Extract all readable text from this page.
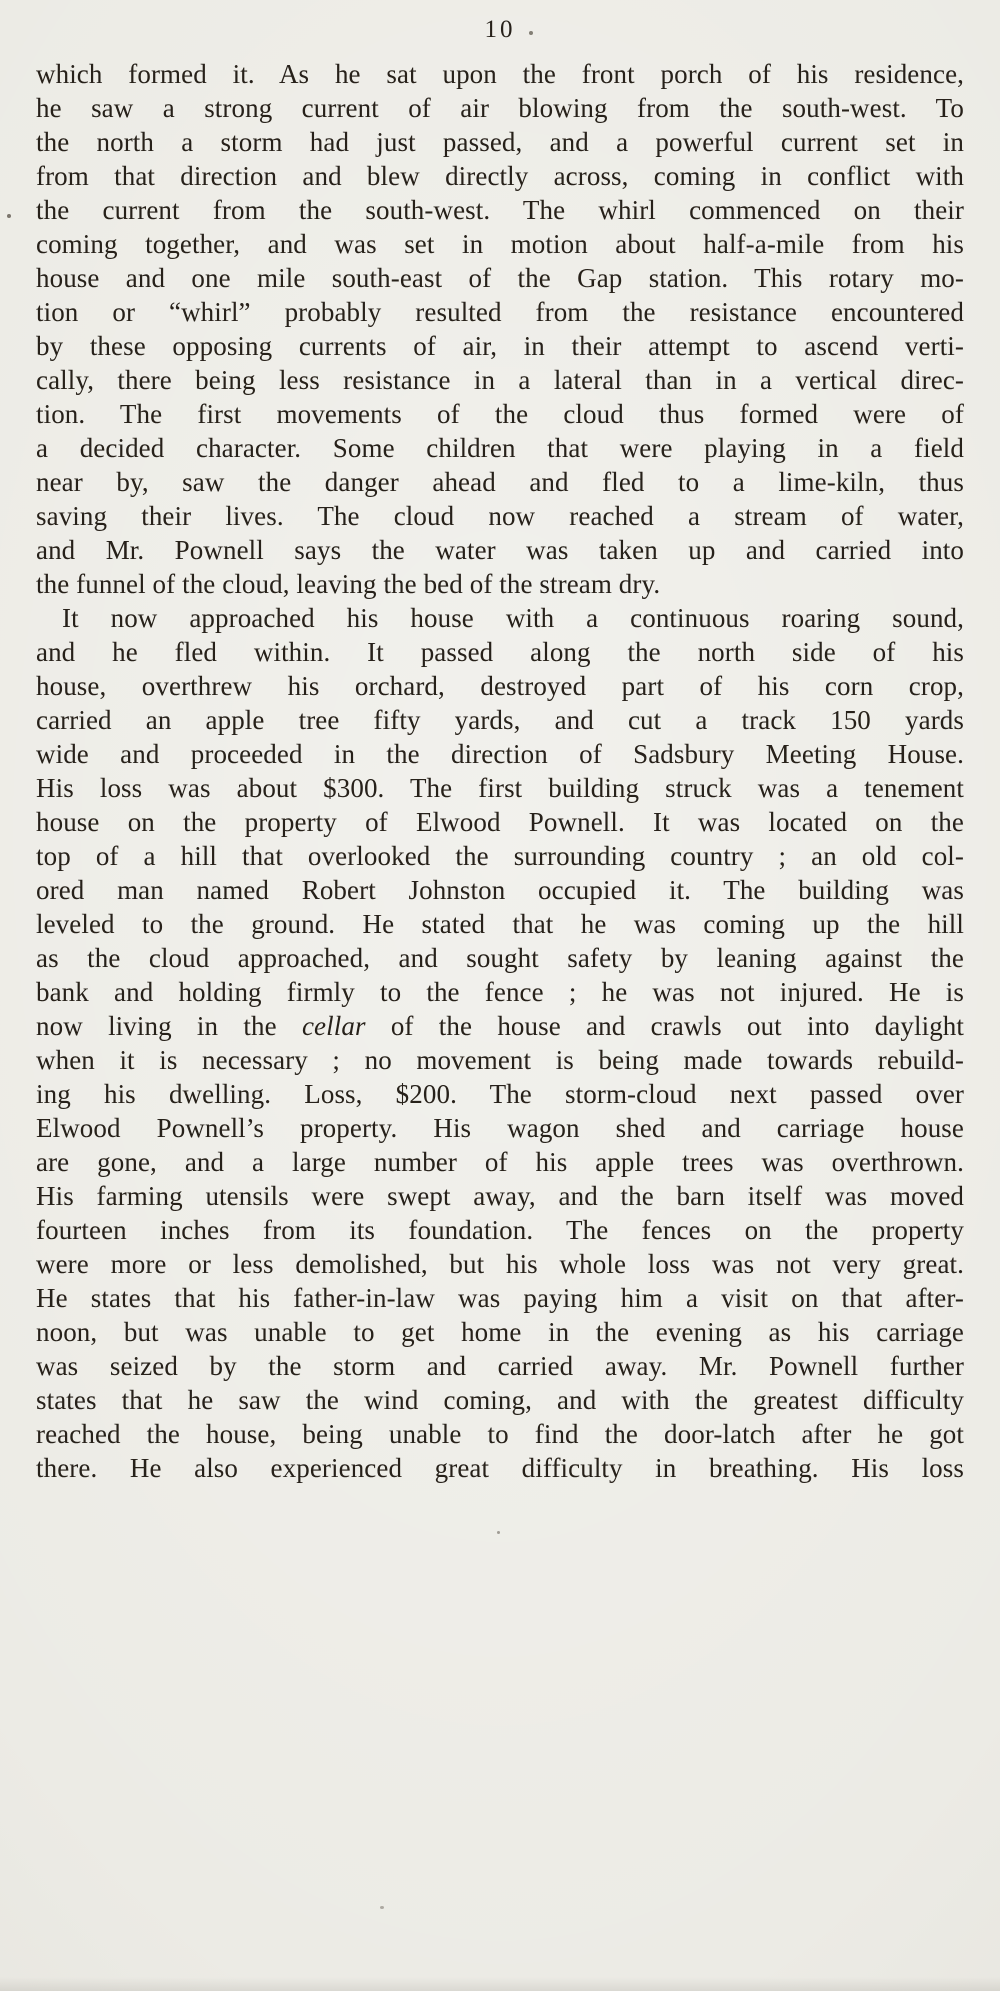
10
which formed it. As he sat upon the front porch of his residence,
he saw a strong current of air blowing from the south-west. To
the north a storm had just passed, and a powerful current set in
from that direction and blew directly across, coming in conflict with
the current from the south-west. The whirl commenced on their
coming together, and was set in motion about half-a-mile from his
house and one mile south-east of the Gap station. This rotary mo-
tion or “whirl” probably resulted from the resistance encountered
by these opposing currents of air, in their attempt to ascend verti-
cally, there being less resistance in a lateral than in a vertical direc-
tion. The first movements of the cloud thus formed were of
a decided character. Some children that were playing in a field
near by, saw the danger ahead and fled to a lime-kiln, thus
saving their lives. The cloud now reached a stream of water,
and Mr. Pownell says the water was taken up and carried into
the funnel of the cloud, leaving the bed of the stream dry.
It now approached his house with a continuous roaring sound,
and he fled within. It passed along the north side of his
house, overthrew his orchard, destroyed part of his corn crop,
carried an apple tree fifty yards, and cut a track 150 yards
wide and proceeded in the direction of Sadsbury Meeting House.
His loss was about $300. The first building struck was a tenement
house on the property of Elwood Pownell. It was located on the
top of a hill that overlooked the surrounding country ; an old col-
ored man named Robert Johnston occupied it. The building was
leveled to the ground. He stated that he was coming up the hill
as the cloud approached, and sought safety by leaning against the
bank and holding firmly to the fence ; he was not injured. He is
now living in the cellar of the house and crawls out into daylight
when it is necessary ; no movement is being made towards rebuild-
ing his dwelling. Loss, $200. The storm-cloud next passed over
Elwood Pownell’s property. His wagon shed and carriage house
are gone, and a large number of his apple trees was overthrown.
His farming utensils were swept away, and the barn itself was moved
fourteen inches from its foundation. The fences on the property
were more or less demolished, but his whole loss was not very great.
He states that his father-in-law was paying him a visit on that after-
noon, but was unable to get home in the evening as his carriage
was seized by the storm and carried away. Mr. Pownell further
states that he saw the wind coming, and with the greatest difficulty
reached the house, being unable to find the door-latch after he got
there. He also experienced great difficulty in breathing. His loss
